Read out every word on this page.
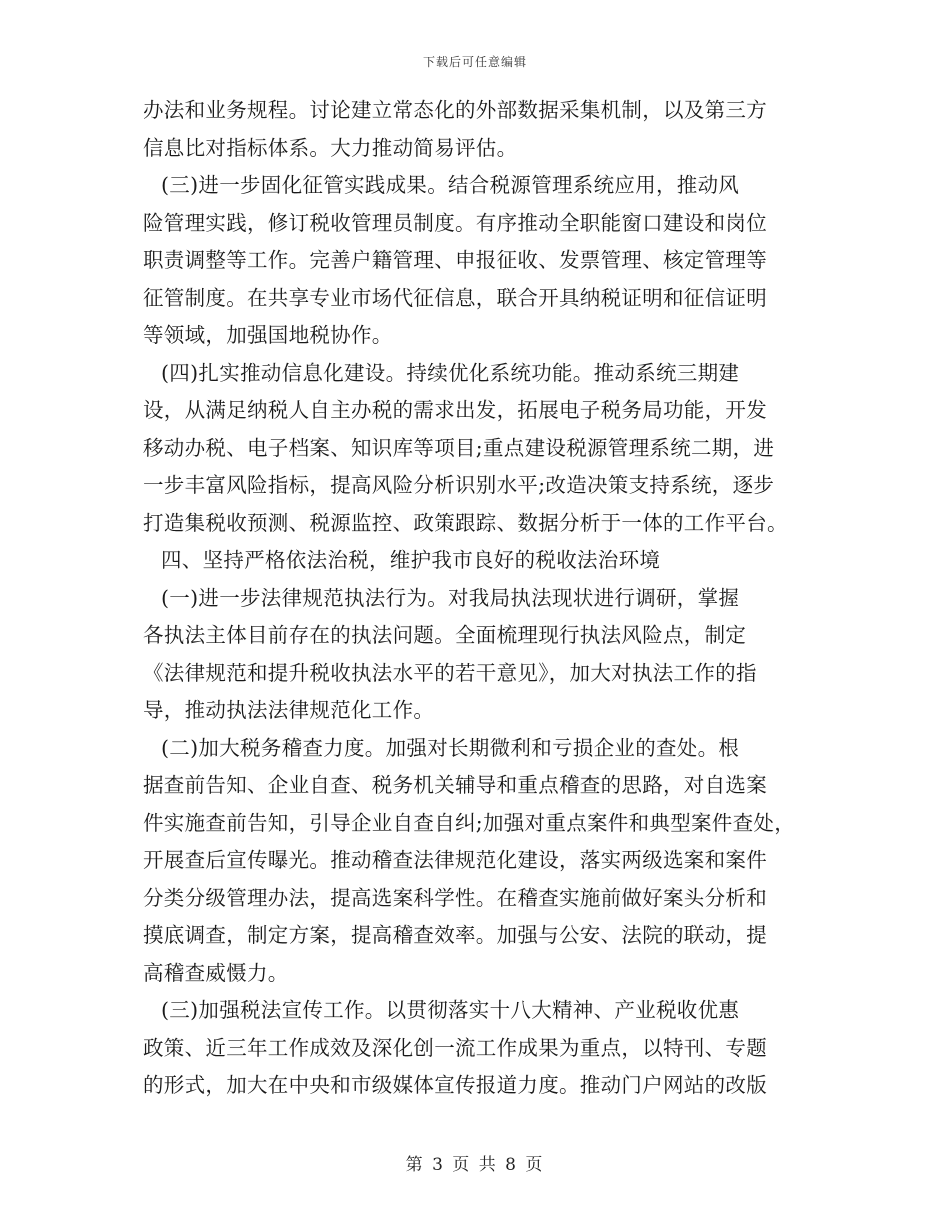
下载后可任意编辑
办法和业务规程。讨论建立常态化的外部数据采集机制，以及第三方
信息比对指标体系。大力推动简易评估。
(三)进一步固化征管实践成果。结合税源管理系统应用，推动风
险管理实践，修订税收管理员制度。有序推动全职能窗口建设和岗位
职责调整等工作。完善户籍管理、申报征收、发票管理、核定管理等
征管制度。在共享专业市场代征信息，联合开具纳税证明和征信证明
等领域，加强国地税协作。
(四)扎实推动信息化建设。持续优化系统功能。推动系统三期建
设，从满足纳税人自主办税的需求出发，拓展电子税务局功能，开发
移动办税、电子档案、知识库等项目;重点建设税源管理系统二期，进
一步丰富风险指标，提高风险分析识别水平;改造决策支持系统，逐步
打造集税收预测、税源监控、政策跟踪、数据分析于一体的工作平台。
四、坚持严格依法治税，维护我市良好的税收法治环境
(一)进一步法律规范执法行为。对我局执法现状进行调研，掌握
各执法主体目前存在的执法问题。全面梳理现行执法风险点，制定
《法律规范和提升税收执法水平的若干意见》，加大对执法工作的指
导，推动执法法律规范化工作。
(二)加大税务稽查力度。加强对长期微利和亏损企业的查处。根
据查前告知、企业自查、税务机关辅导和重点稽查的思路，对自选案
件实施查前告知，引导企业自查自纠;加强对重点案件和典型案件查处，
开展查后宣传曝光。推动稽查法律规范化建设，落实两级选案和案件
分类分级管理办法，提高选案科学性。在稽查实施前做好案头分析和
摸底调查，制定方案，提高稽查效率。加强与公安、法院的联动，提
高稽查威慑力。
(三)加强税法宣传工作。以贯彻落实十八大精神、产业税收优惠
政策、近三年工作成效及深化创一流工作成果为重点，以特刊、专题
的形式，加大在中央和市级媒体宣传报道力度。推动门户网站的改版
第 3 页 共 8 页
